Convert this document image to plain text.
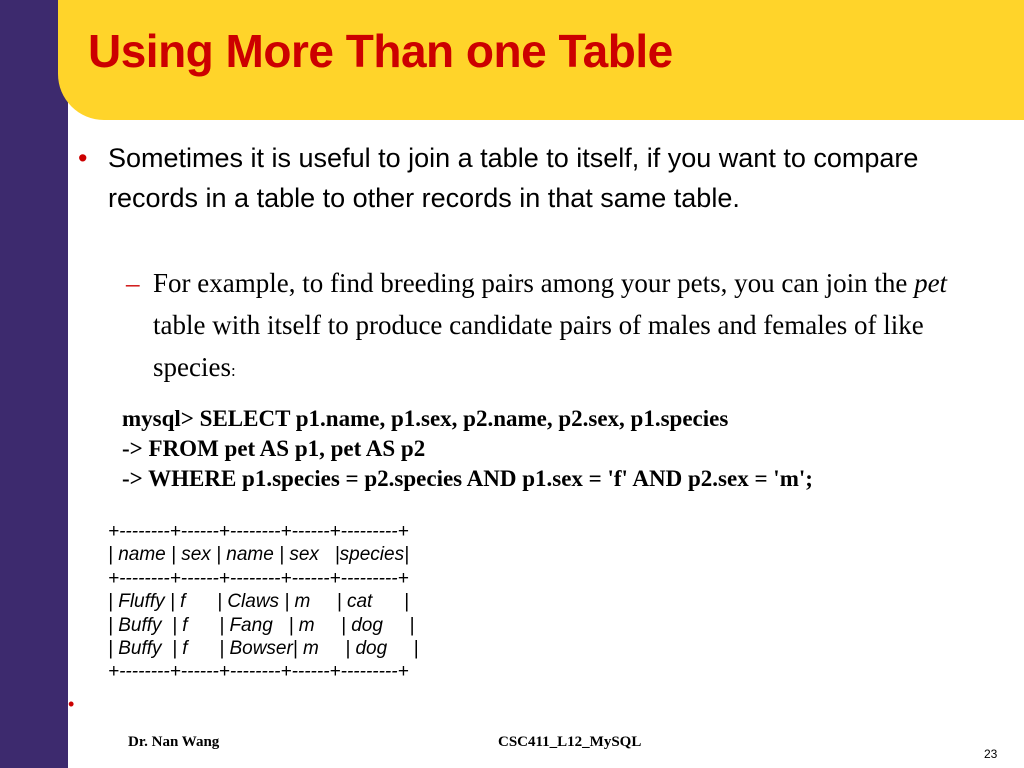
Using More Than one Table
• Sometimes it is useful to join a table to itself, if you want to compare records in a table to other records in that same table.
– For example, to find breeding pairs among your pets, you can join the pet table with itself to produce candidate pairs of males and females of like species:
mysql> SELECT p1.name, p1.sex, p2.name, p2.sex, p1.species
-> FROM pet AS p1, pet AS p2
-> WHERE p1.species = p2.species AND p1.sex = 'f' AND p2.sex = 'm';
+--------+------+--------+------+---------+
| name | sex | name | sex   |species|
+--------+------+--------+------+---------+
| Fluffy | f      | Claws | m     | cat      |
| Buffy  | f      | Fang   | m     | dog     |
| Buffy  | f      | Bowser| m     | dog     |
+--------+------+--------+------+---------+
•
Dr. Nan Wang	CSC411_L12_MySQL
23
